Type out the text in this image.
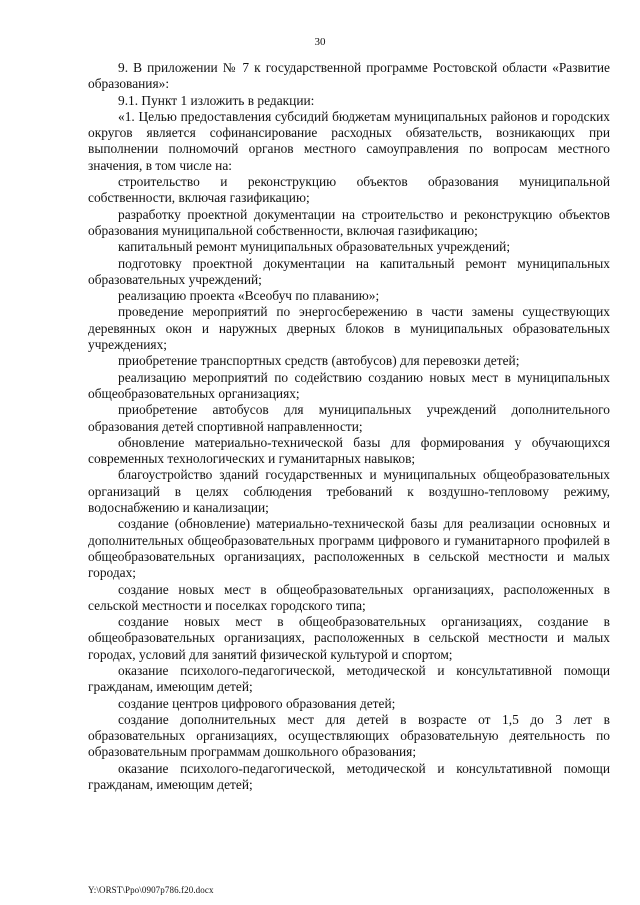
30

9. В приложении № 7 к государственной программе Ростовской области «Развитие образования»:

9.1. Пункт 1 изложить в редакции:

«1. Целью предоставления субсидий бюджетам муниципальных районов и городских округов является софинансирование расходных обязательств, возникающих при выполнении полномочий органов местного самоуправления по вопросам местного значения, в том числе на:

строительство и реконструкцию объектов образования муниципальной собственности, включая газификацию;

разработку проектной документации на строительство и реконструкцию объектов образования муниципальной собственности, включая газификацию;

капитальный ремонт муниципальных образовательных учреждений;

подготовку проектной документации на капитальный ремонт муниципальных образовательных учреждений;

реализацию проекта «Всеобуч по плаванию»;

проведение мероприятий по энергосбережению в части замены существующих деревянных окон и наружных дверных блоков в муниципальных образовательных учреждениях;

приобретение транспортных средств (автобусов) для перевозки детей;

реализацию мероприятий по содействию созданию новых мест в муниципальных общеобразовательных организациях;

приобретение автобусов для муниципальных учреждений дополнительного образования детей спортивной направленности;

обновление материально-технической базы для формирования у обучающихся современных технологических и гуманитарных навыков;

благоустройство зданий государственных и муниципальных общеобразовательных организаций в целях соблюдения требований к воздушно-тепловому режиму, водоснабжению и канализации;

создание (обновление) материально-технической базы для реализации основных и дополнительных общеобразовательных программ цифрового и гуманитарного профилей в общеобразовательных организациях, расположенных в сельской местности и малых городах;

создание новых мест в общеобразовательных организациях, расположенных в сельской местности и поселках городского типа;

создание новых мест в общеобразовательных организациях, создание в общеобразовательных организациях, расположенных в сельской местности и малых городах, условий для занятий физической культурой и спортом;

оказание психолого-педагогической, методической и консультативной помощи гражданам, имеющим детей;

создание центров цифрового образования детей;

создание дополнительных мест для детей в возрасте от 1,5 до 3 лет в образовательных организациях, осуществляющих образовательную деятельность по образовательным программам дошкольного образования;

оказание психолого-педагогической, методической и консультативной помощи гражданам, имеющим детей;

Y:\ORST\Ppo\0907p786.f20.docx
